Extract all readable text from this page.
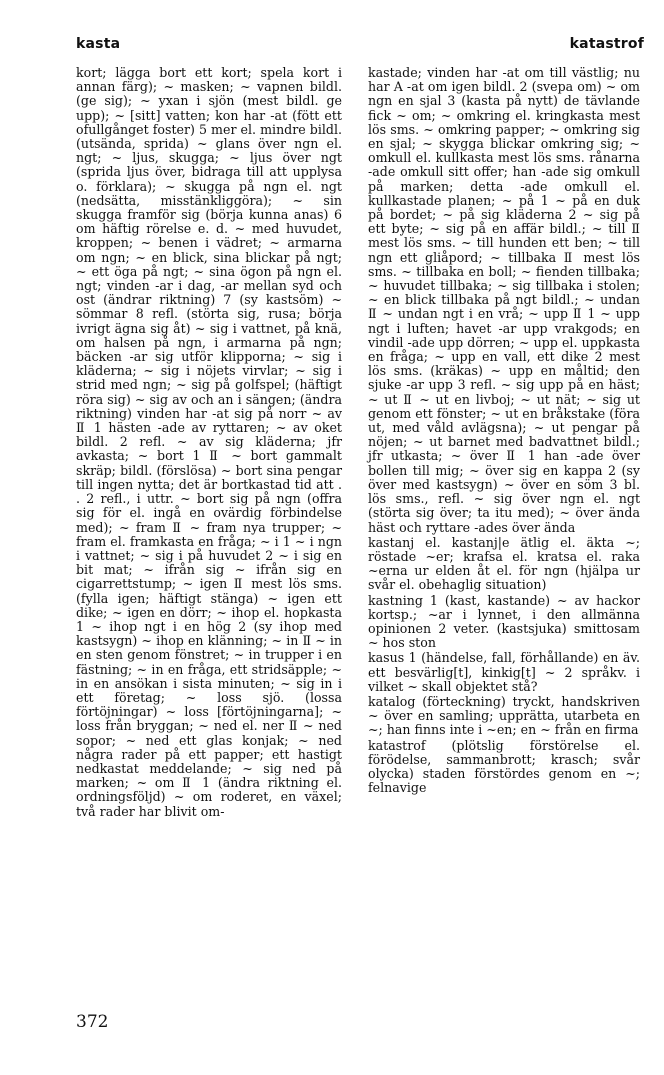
kasta	katastrof

kort; lägga bort ett kort; spela kort i annan färg); ~ masken; ~ vapnen bildl. (ge sig); ~ yxan i sjön (mest bildl. ge upp); ~ [sitt] vatten; kon har -at (fött ett ofullgånget foster) 5 mer el. mindre bildl. (utsända, sprida) ~ glans över ngn el. ngt; ~ ljus, skugga; ~ ljus över ngt (sprida ljus över, bidraga till att upplysa o. förklara); ~ skugga på ngn el. ngt (nedsätta, misstänkliggöra); ~ sin skugga framför sig (börja kunna anas) 6 om häftig rörelse e. d. ~ med huvudet, kroppen; ~ benen i vädret; ~ armarna om ngn; ~ en blick, sina blickar på ngt; ~ ett öga på ngt; ~ sina ögon på ngn el. ngt; vinden -ar i dag, -ar mellan syd och ost (ändrar riktning) 7 (sy kastsöm) ~ sömmar 8 refl. (störta sig, rusa; börja ivrigt ägna sig åt) ~ sig i vattnet, på knä, om halsen på ngn, i armarna på ngn; bäcken -ar sig utför klipporna; ~ sig i kläderna; ~ sig i nöjets virvlar; ~ sig i strid med ngn; ~ sig på golfspel; (häftigt röra sig) ~ sig av och an i sängen; (ändra riktning) vinden har -at sig på norr ~ av Ⅱ 1 hästen -ade av ryttaren; ~ av oket bildl. 2 refl. ~ av sig kläderna; jfr avkasta; ~ bort 1 Ⅱ ~ bort gammalt skräp; bildl. (förslösa) ~ bort sina pengar till ingen nytta; det är bortkastad tid att . . 2 refl., i uttr. ~ bort sig på ngn (offra sig för el. ingå en ovärdig förbindelse med); ~ fram Ⅱ ~ fram nya trupper; ~ fram el. framkasta en fråga; ~ i 1 ~ i ngn i vattnet; ~ sig i på huvudet 2 ~ i sig en bit mat; ~ ifrån sig ~ ifrån sig en cigarrettstump; ~ igen Ⅱ mest lös sms. (fylla igen; häftigt stänga) ~ igen ett dike; ~ igen en dörr; ~ ihop el. hopkasta 1 ~ ihop ngt i en hög 2 (sy ihop med kastsygn) ~ ihop en klänning; ~ in Ⅱ ~ in en sten genom fönstret; ~ in trupper i en fästning; ~ in en fråga, ett stridsäpple; ~ in en ansökan i sista minuten; ~ sig in i ett företag; ~ loss sjö. (lossa förtöjningar) ~ loss [förtöjningarna]; ~ loss från bryggan; ~ ned el. ner Ⅱ ~ ned sopor; ~ ned ett glas konjak; ~ ned några rader på ett papper; ett hastigt nedkastat meddelande; ~ sig ned på marken; ~ om Ⅱ 1 (ändra riktning el. ordningsföljd) ~ om roderet, en växel; två rader har blivit om-

kastade; vinden har -at om till västlig; nu har A -at om igen bildl. 2 (svepa om) ~ om ngn en sjal 3 (kasta på nytt) de tävlande fick ~ om; ~ omkring el. kringkasta mest lös sms. ~ omkring papper; ~ omkring sig en sjal; ~ skygga blickar omkring sig; ~ omkull el. kullkasta mest lös sms. rånarna -ade omkull sitt offer; han -ade sig omkull på marken; detta -ade omkull el. kullkastade planen; ~ på 1 ~ på en duk på bordet; ~ på sig kläderna 2 ~ sig på ett byte; ~ sig på en affär bildl.; ~ till Ⅱ mest lös sms. ~ till hunden ett ben; ~ till ngn ett gliåpord; ~ tillbaka Ⅱ mest lös sms. ~ tillbaka en boll; ~ fienden tillbaka; ~ huvudet tillbaka; ~ sig tillbaka i stolen; ~ en blick tillbaka på ngt bildl.; ~ undan Ⅱ ~ undan ngt i en vrå; ~ upp Ⅱ 1 ~ upp ngt i luften; havet -ar upp vrakgods; en vindil -ade upp dörren; ~ upp el. uppkasta en fråga; ~ upp en vall, ett dike 2 mest lös sms. (kräkas) ~ upp en måltid; den sjuke -ar upp 3 refl. ~ sig upp på en häst; ~ ut Ⅱ ~ ut en livboj; ~ ut nät; ~ sig ut genom ett fönster; ~ ut en bråkstake (föra ut, med våld avlägsna); ~ ut pengar på nöjen; ~ ut barnet med badvattnet bildl.; jfr utkasta; ~ över Ⅱ 1 han -ade över bollen till mig; ~ över sig en kappa 2 (sy över med kastsygn) ~ över en söm 3 bl. lös sms., refl. ~ sig över ngn el. ngt (störta sig över; ta itu med); ~ över ända häst och ryttare -ades över ända

kastanj el. kastanj|e ätlig el. äkta ~; röstade ~er; krafsa el. kratsa el. raka ~erna ur elden åt el. för ngn (hjälpa ur svår el. obehaglig situation)

kastning 1 (kast, kastande) ~ av hackor kortsp.; ~ar i lynnet, i den allmänna opinionen 2 veter. (kastsjuka) smittosam ~ hos ston

kasus 1 (händelse, fall, förhållande) en äv. ett besvärlig[t], kinkig[t] ~ 2 språkv. i vilket ~ skall objektet stå?

katalog (förteckning) tryckt, handskriven ~ över en samling; upprätta, utarbeta en ~; han finns inte i ~en; en ~ från en firma

katastrof (plötslig förstörelse el. förödelse, sammanbrott; krasch; svår olycka) staden förstördes genom en ~; felnavige

372
